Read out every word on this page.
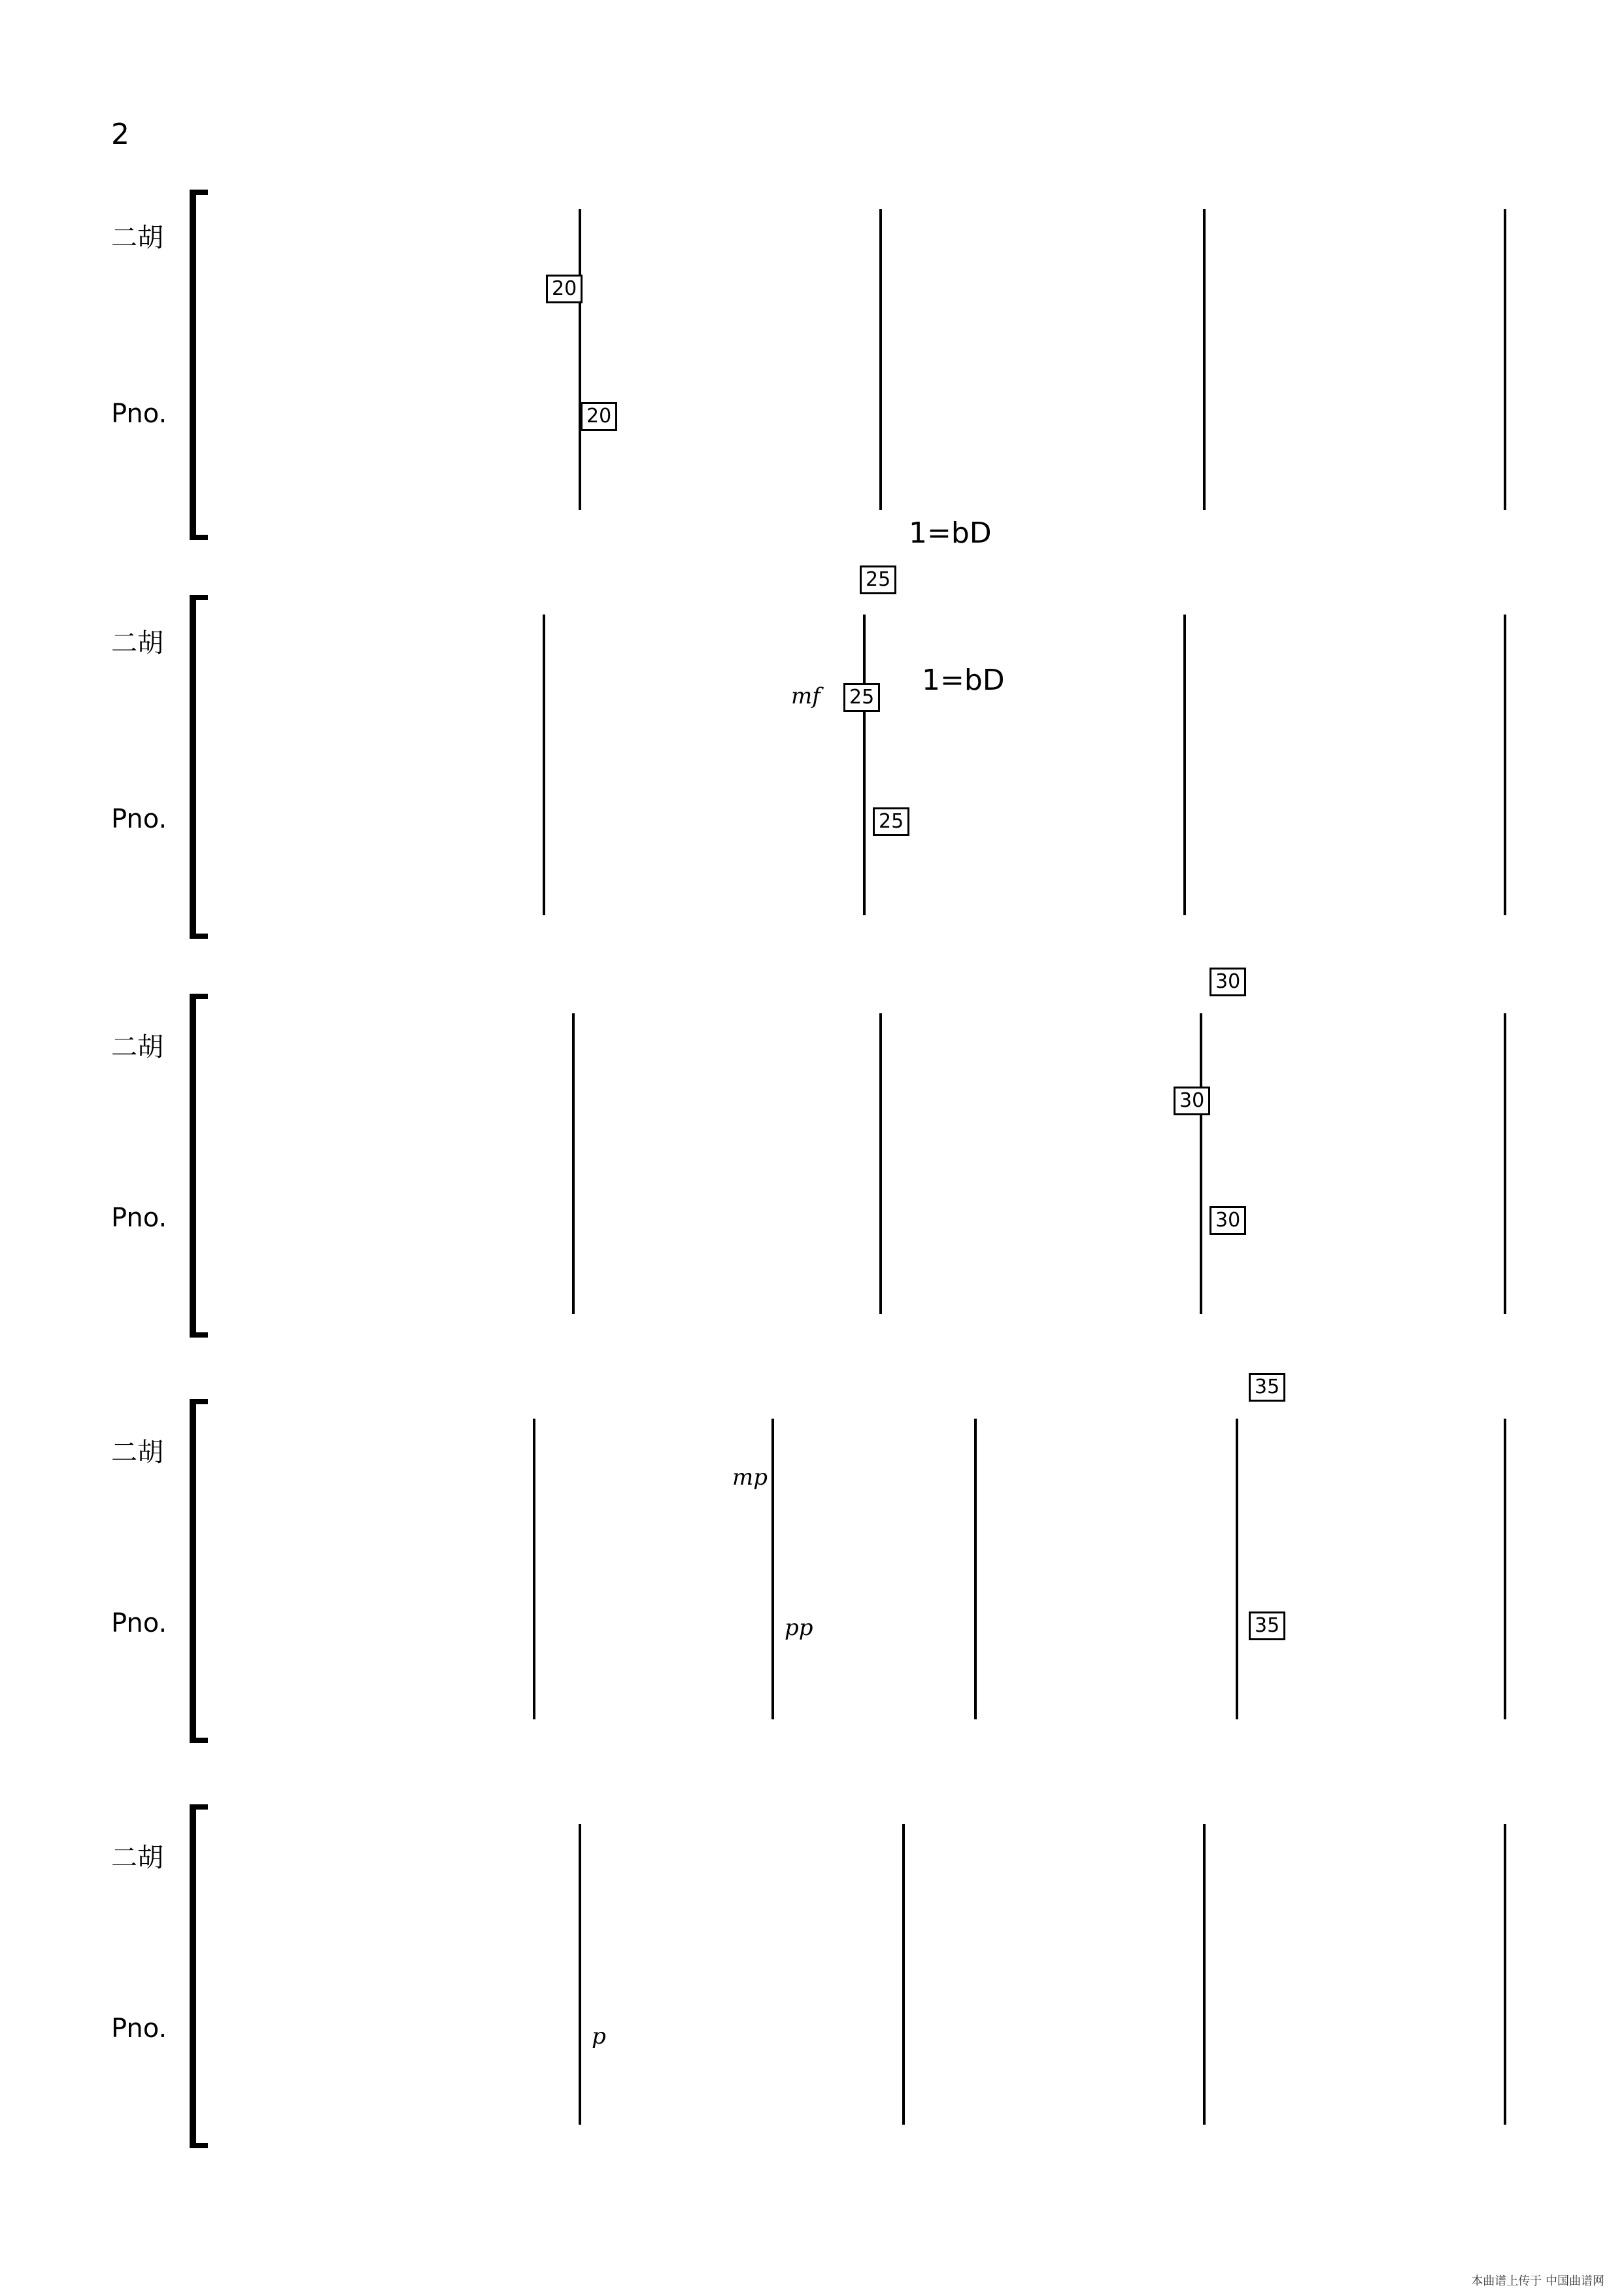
2
二胡
Pno.
20
20
1=bD
二胡
Pno.
25
25
25
1=bD
mf
二胡
Pno.
30
30
30
二胡
Pno.
35
35
mp
pp
二胡
Pno.	p
本曲谱上传于 中国曲谱网
